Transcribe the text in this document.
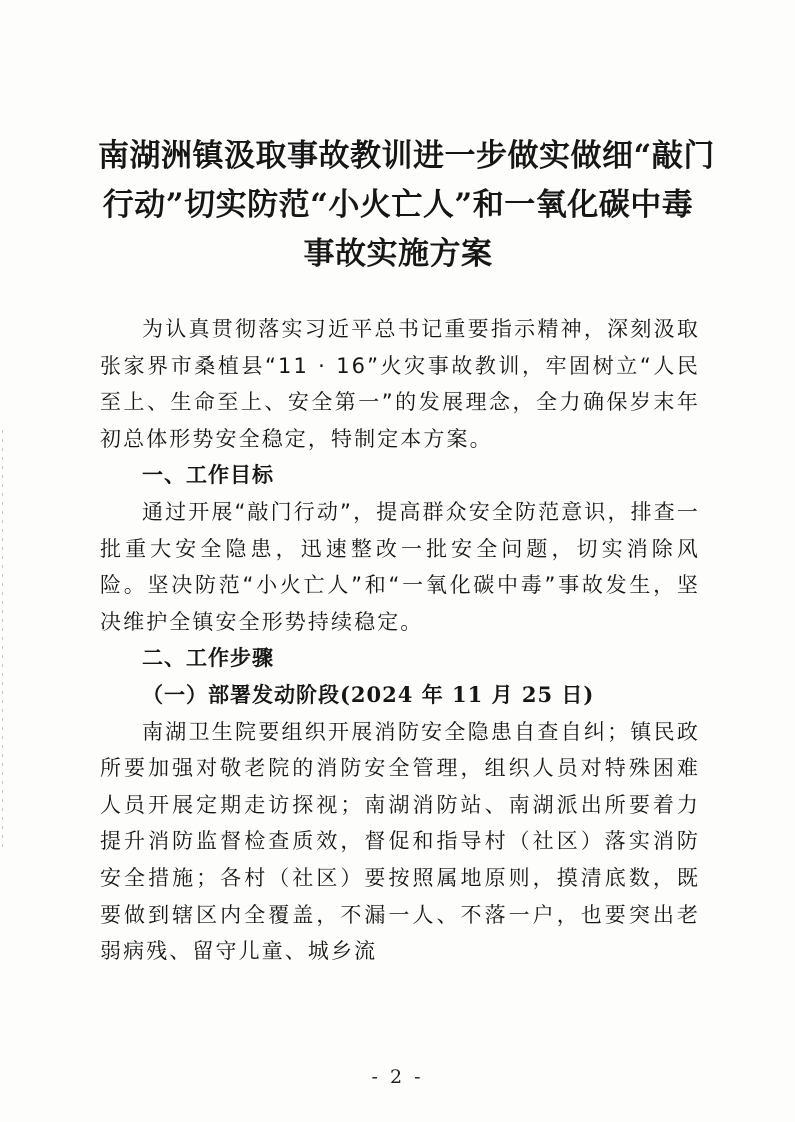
南湖洲镇汲取事故教训进一步做实做细“敲门
行动”切实防范“小火亡人”和一氧化碳中毒
事故实施方案

为认真贯彻落实习近平总书记重要指示精神，深刻汲取张家界市桑植县“11 · 16”火灾事故教训，牢固树立“人民至上、生命至上、安全第一”的发展理念，全力确保岁末年初总体形势安全稳定，特制定本方案。

一、工作目标

通过开展“敲门行动”，提高群众安全防范意识，排查一批重大安全隐患，迅速整改一批安全问题，切实消除风险。坚决防范“小火亡人”和“一氧化碳中毒”事故发生，坚决维护全镇安全形势持续稳定。

二、工作步骤

（一）部署发动阶段(2024 年 11 月 25 日)

南湖卫生院要组织开展消防安全隐患自查自纠；镇民政所要加强对敬老院的消防安全管理，组织人员对特殊困难人员开展定期走访探视；南湖消防站、南湖派出所要着力提升消防监督检查质效，督促和指导村（社区）落实消防安全措施；各村（社区）要按照属地原则，摸清底数，既要做到辖区内全覆盖，不漏一人、不落一户，也要突出老弱病残、留守儿童、城乡流

- 2 -
